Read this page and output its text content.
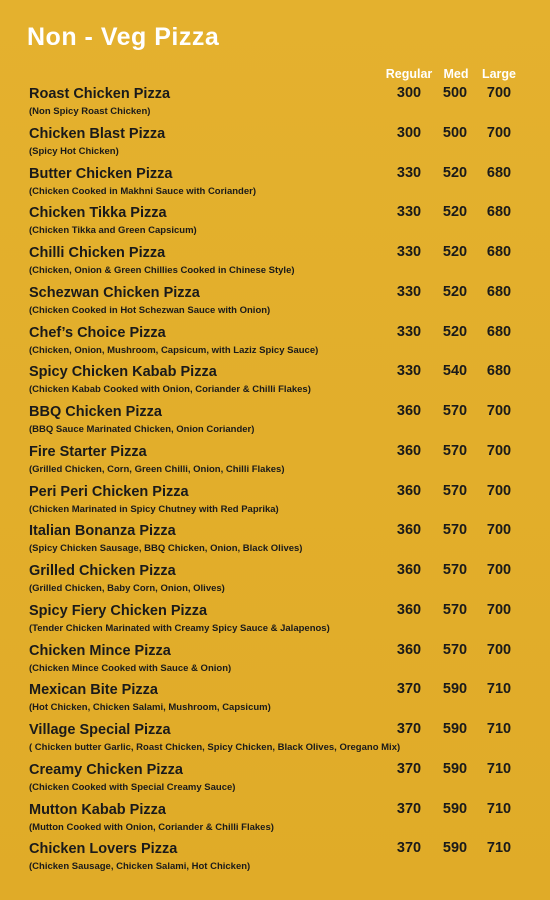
Non - Veg Pizza
Regular Med	Large
Roast Chicken Pizza
(Non Spicy Roast Chicken)
300	500	700
Chicken Blast Pizza
(Spicy Hot Chicken)
300	500	700
Butter Chicken Pizza
(Chicken Cooked in Makhni Sauce with Coriander)
330	520	680
Chicken Tikka Pizza
(Chicken Tikka and Green Capsicum)
330	520	680
Chilli Chicken Pizza
(Chicken, Onion & Green Chillies Cooked in Chinese Style)
330	520	680
Schezwan Chicken Pizza
(Chicken Cooked in Hot Schezwan Sauce with Onion)
330	520	680
Chef’s Choice Pizza
(Chicken, Onion, Mushroom, Capsicum, with Laziz Spicy Sauce)
330	520	680
Spicy Chicken Kabab Pizza
(Chicken Kabab Cooked with Onion, Coriander & Chilli Flakes)
330	540	680
BBQ Chicken Pizza
(BBQ Sauce Marinated Chicken, Onion Coriander)
360	570	700
Fire Starter Pizza
(Grilled Chicken, Corn, Green Chilli, Onion, Chilli Flakes)
360	570	700
Peri Peri Chicken Pizza
(Chicken Marinated in Spicy Chutney with Red Paprika)
360	570	700
Italian Bonanza Pizza
(Spicy Chicken Sausage, BBQ Chicken, Onion, Black Olives)
360	570	700
Grilled Chicken Pizza
(Grilled Chicken, Baby Corn, Onion, Olives)
360	570	700
Spicy Fiery Chicken Pizza
(Tender Chicken Marinated with Creamy Spicy Sauce & Jalapenos)
360	570	700
Chicken Mince Pizza
(Chicken Mince Cooked with Sauce & Onion)
360	570	700
Mexican Bite Pizza
(Hot Chicken, Chicken Salami, Mushroom, Capsicum)
370	590	710
Village Special Pizza
( Chicken butter Garlic, Roast Chicken, Spicy Chicken, Black Olives, Oregano Mix)
370	590	710
Creamy Chicken Pizza
(Chicken Cooked with Special Creamy Sauce)
370	590	710
Mutton Kabab Pizza
(Mutton Cooked with Onion, Coriander & Chilli Flakes)
370	590	710
Chicken Lovers Pizza
(Chicken Sausage, Chicken Salami, Hot Chicken)
370	590	710
